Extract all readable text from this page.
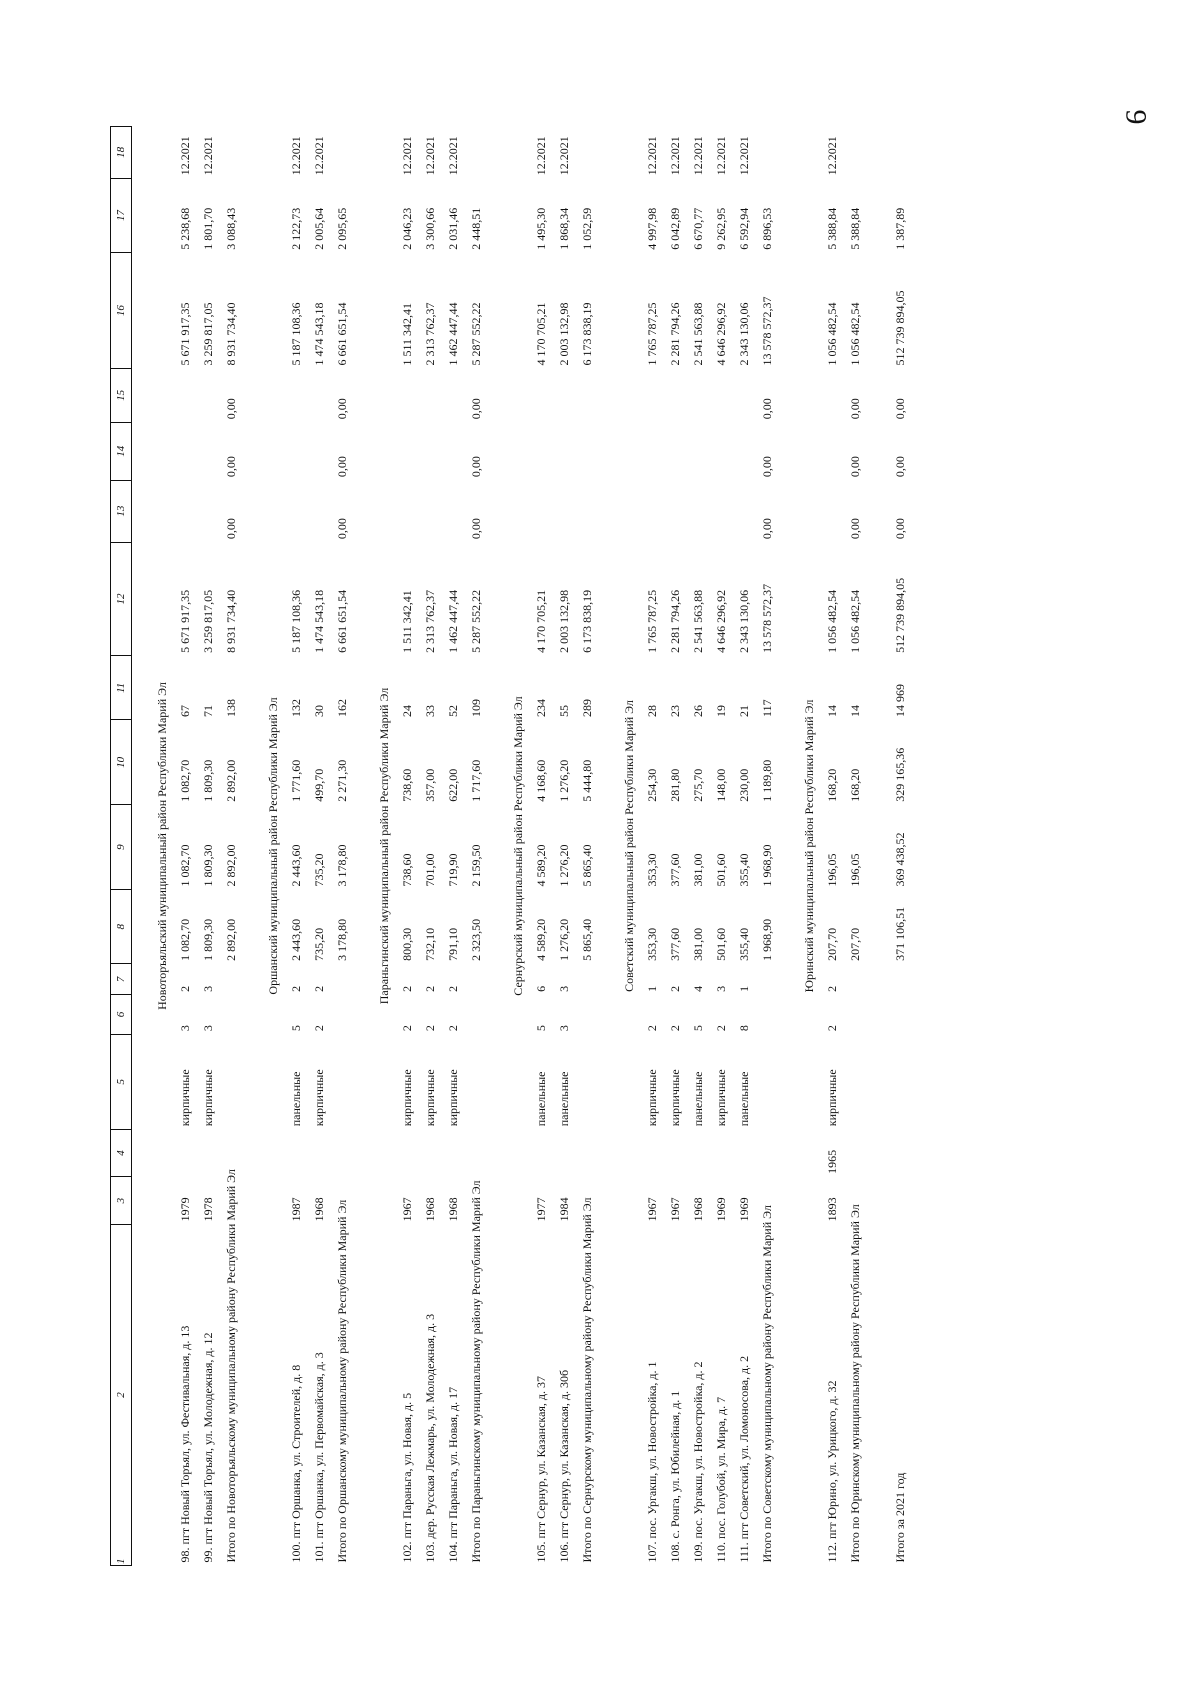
9
1	2	3	4	5	6	7	8	9	10	11	12	13	14	15	16	17	18
Новоторъяльский муниципальный район Республики Марий Эл																
	98. пгт Новый Торъял, ул. Фестивальная, д. 13	1979		кирпичные	3	2	1 082,70	1 082,70	1 082,70	67	5 671 917,35				5 671 917,35	5 238,68	12.2021
	99. пгт Новый Торъял, ул. Молодежная, д. 12	1978		кирпичные	3	3	1 809,30	1 809,30	1 809,30	71	3 259 817,05				3 259 817,05	1 801,70	12.2021
	Итого по Новоторъяльскому муниципальному району Республики Марий Эл						2 892,00	2 892,00	2 892,00	138	8 931 734,40	0,00	0,00	0,00	8 931 734,40	3 088,43	
Оршанский муниципальный район Республики Марий Эл																
	100. пгт Оршанка, ул. Строителей, д. 8	1987		панельные	5	2	2 443,60	2 443,60	1 771,60	132	5 187 108,36				5 187 108,36	2 122,73	12.2021
	101. пгт Оршанка, ул. Первомайская, д. 3	1968		кирпичные	2	2	735,20	735,20	499,70	30	1 474 543,18				1 474 543,18	2 005,64	12.2021
	Итого по Оршанскому муниципальному району Республики Марий Эл						3 178,80	3 178,80	2 271,30	162	6 661 651,54	0,00	0,00	0,00	6 661 651,54	2 095,65	
Параньгинский муниципальный район Республики Марий Эл																
	102. пгт Параньга, ул. Новая, д. 5	1967		кирпичные	2	2	800,30	738,60	738,60	24	1 511 342,41				1 511 342,41	2 046,23	12.2021
	103. дер. Русская Лежмарь, ул. Молодежная, д. 3	1968		кирпичные	2	2	732,10	701,00	357,00	33	2 313 762,37				2 313 762,37	3 300,66	12.2021
	104. пгт Параньга, ул. Новая, д. 17	1968		кирпичные	2	2	791,10	719,90	622,00	52	1 462 447,44				1 462 447,44	2 031,46	12.2021
	Итого по Параньгинскому муниципальному району Республики Марий Эл						2 323,50	2 159,50	1 717,60	109	5 287 552,22	0,00	0,00	0,00	5 287 552,22	2 448,51	
Сернурский муниципальный район Республики Марий Эл																
	105. пгт Сернур, ул. Казанская, д. 37	1977		панельные	5	6	4 589,20	4 589,20	4 168,60	234	4 170 705,21				4 170 705,21	1 495,30	12.2021
	106. пгт Сернур, ул. Казанская, д. 30б	1984		панельные	3	3	1 276,20	1 276,20	1 276,20	55	2 003 132,98				2 003 132,98	1 868,34	12.2021
	Итого по Сернурскому муниципальному району Республики Марий Эл						5 865,40	5 865,40	5 444,80	289	6 173 838,19				6 173 838,19	1 052,59	
Советский муниципальный район Республики Марий Эл																
	107. пос. Ургакш, ул. Новостройка, д. 1	1967		кирпичные	2	1	353,30	353,30	254,30	28	1 765 787,25				1 765 787,25	4 997,98	12.2021
	108. с. Ронга, ул. Юбилейная, д. 1	1967		кирпичные	2	2	377,60	377,60	281,80	23	2 281 794,26				2 281 794,26	6 042,89	12.2021
	109. пос. Ургакш, ул. Новостройка, д. 2	1968		панельные	5	4	381,00	381,00	275,70	26	2 541 563,88				2 541 563,88	6 670,77	12.2021
	110. пос. Голубой, ул. Мира, д. 7	1969		кирпичные	2	3	501,60	501,60	148,00	19	4 646 296,92				4 646 296,92	9 262,95	12.2021
	111. пгт Советский, ул. Ломоносова, д. 2	1969		панельные	8	1	355,40	355,40	230,00	21	2 343 130,06				2 343 130,06	6 592,94	12.2021
	Итого по Советскому муниципальному району Республики Марий Эл						1 968,90	1 968,90	1 189,80	117	13 578 572,37	0,00	0,00	0,00	13 578 572,37	6 896,53	
Юринский муниципальный район Республики Марий Эл																
	112. пгт Юрино, ул. Урицкого, д. 32	1893	1965	кирпичные	2	2	207,70	196,05	168,20	14	1 056 482,54				1 056 482,54	5 388,84	12.2021
	Итого по Юринскому муниципальному району Республики Марий Эл						207,70	196,05	168,20	14	1 056 482,54	0,00	0,00	0,00	1 056 482,54	5 388,84	

	Итого за 2021 год						371 106,51	369 438,52	329 165,36	14 969	512 739 894,05	0,00	0,00	0,00	512 739 894,05	1 387,89	
